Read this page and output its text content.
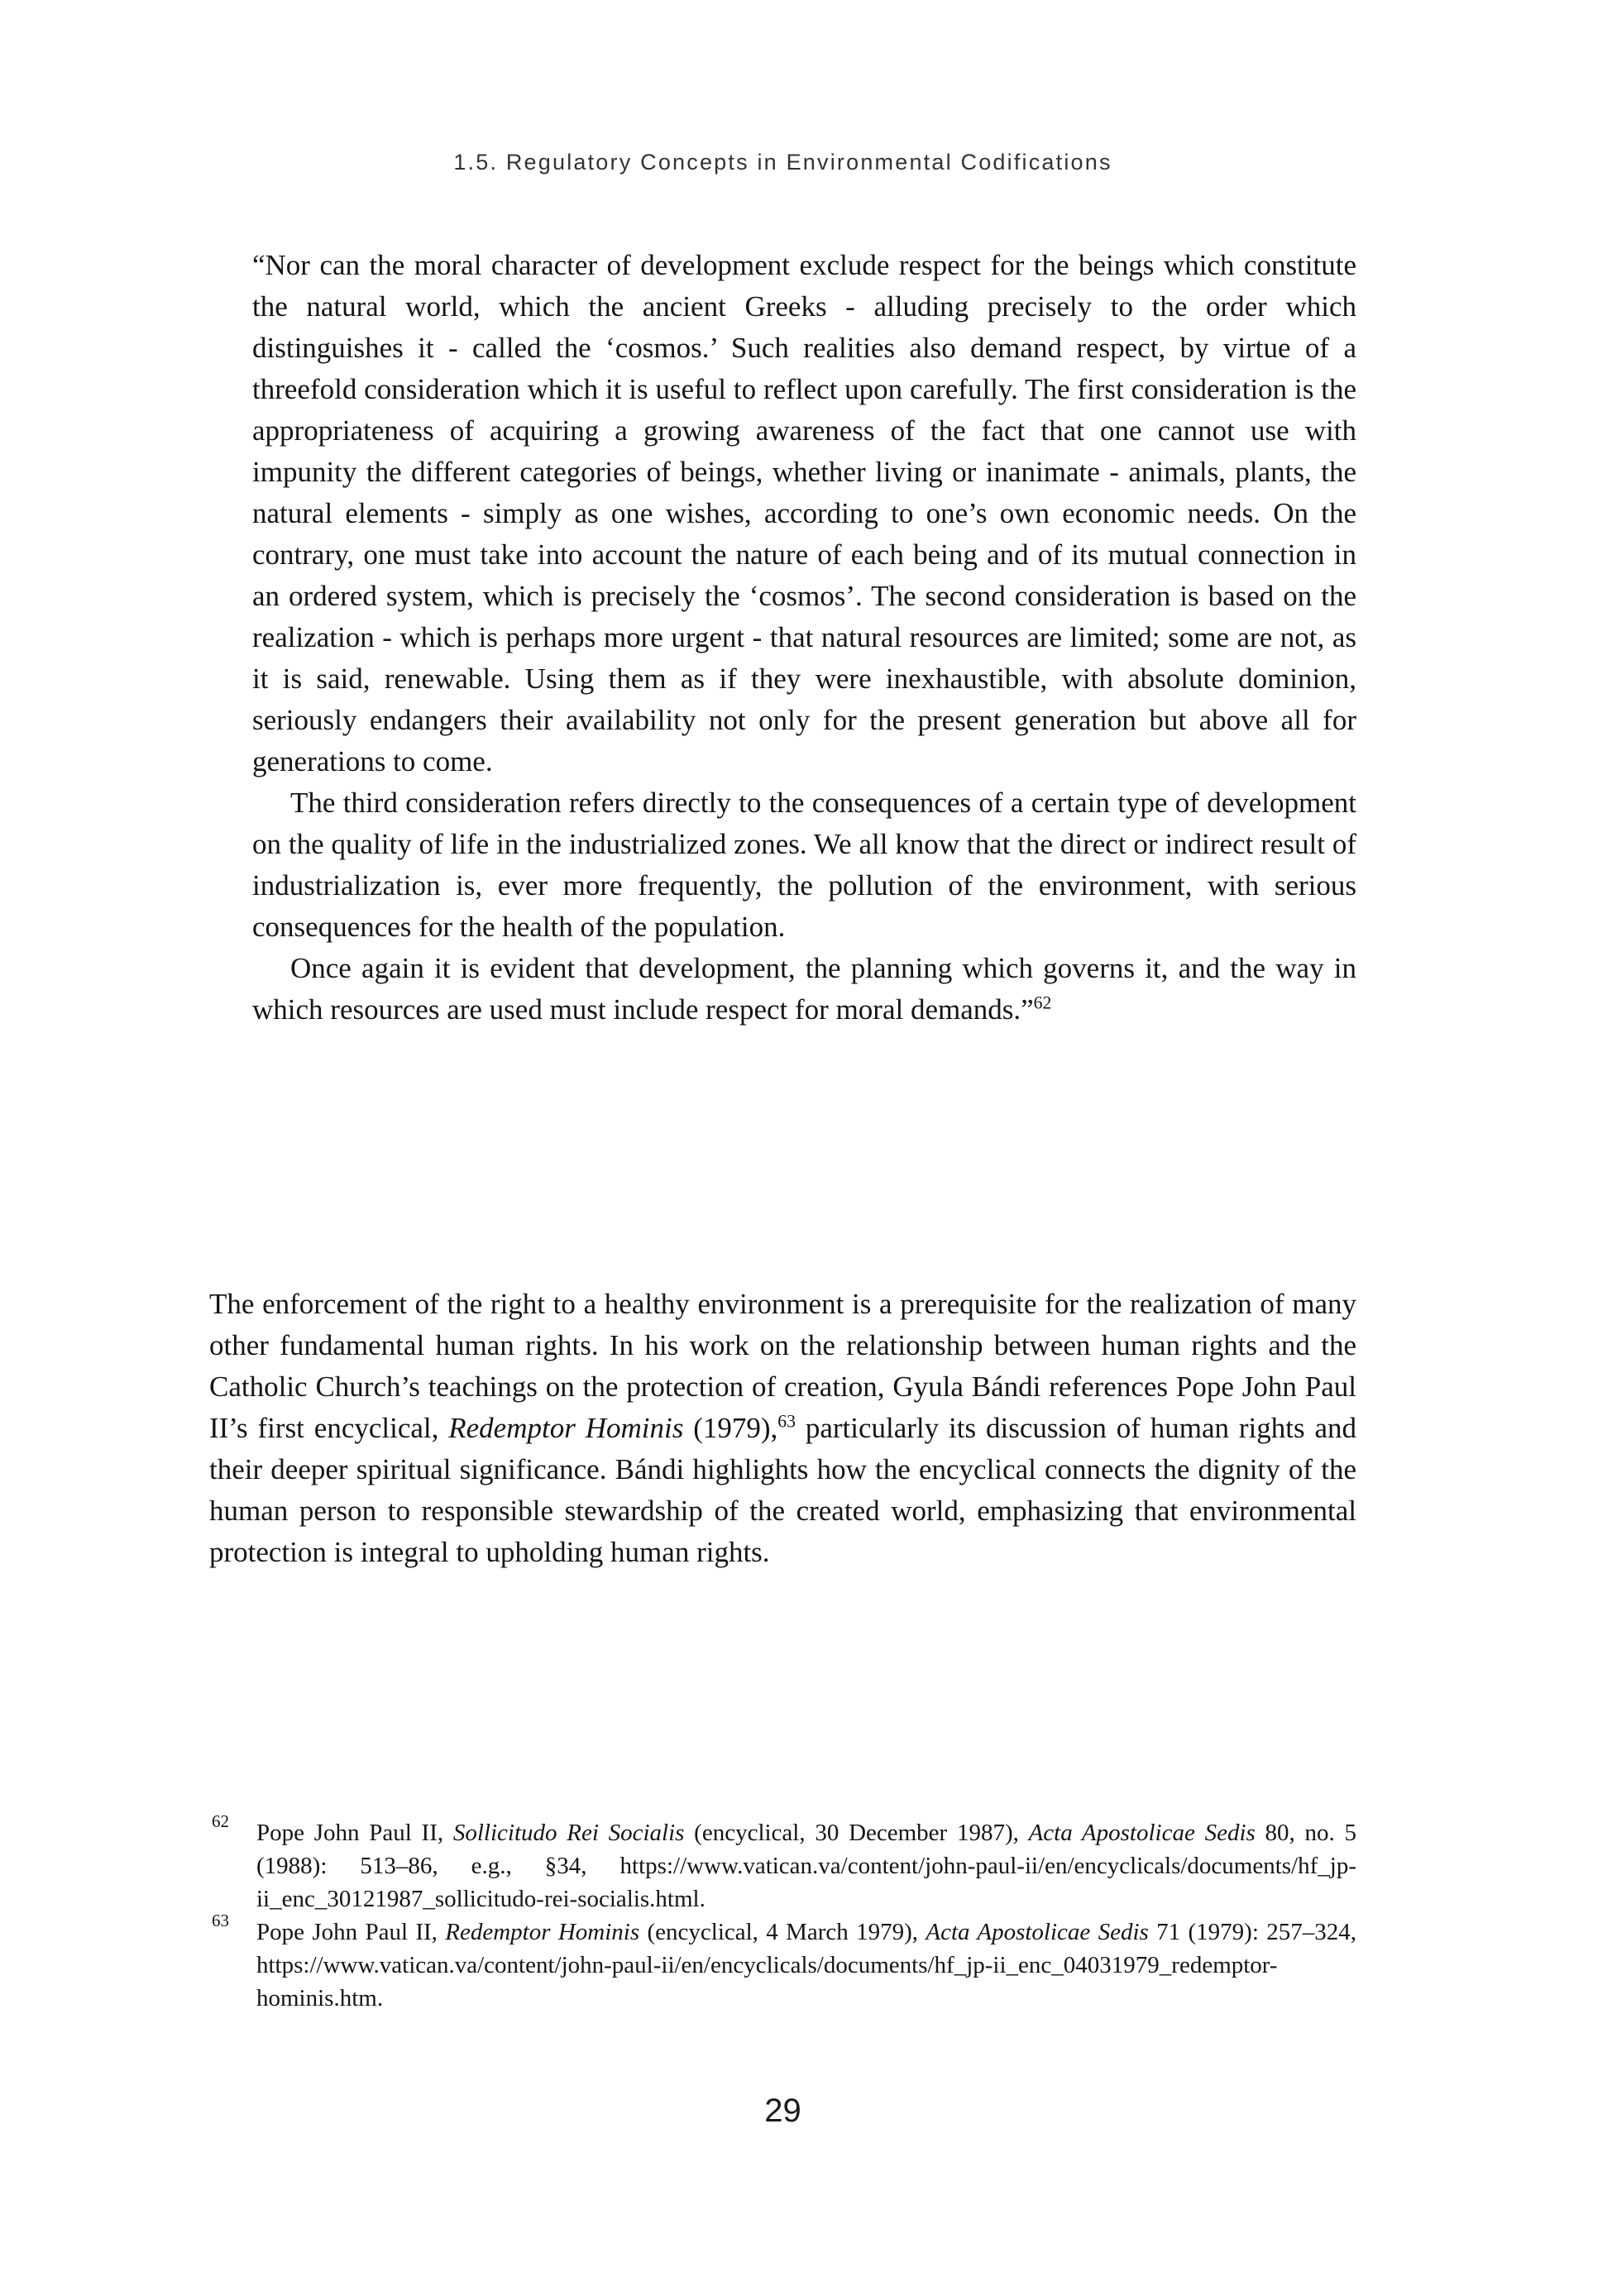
1.5. Regulatory Concepts in Environmental Codifications

“Nor can the moral character of development exclude respect for the beings which constitute the natural world, which the ancient Greeks - alluding precisely to the order which distinguishes it - called the ‘cosmos.’ Such realities also demand respect, by virtue of a threefold consideration which it is useful to reflect upon carefully. The first consideration is the appropriateness of acquiring a growing awareness of the fact that one cannot use with impunity the different categories of beings, whether living or inanimate - animals, plants, the natural elements - simply as one wishes, according to one’s own economic needs. On the contrary, one must take into account the nature of each being and of its mutual connection in an ordered system, which is precisely the ‘cosmos’. The second consideration is based on the realization - which is perhaps more urgent - that natural resources are limited; some are not, as it is said, renewable. Using them as if they were inexhaustible, with absolute dominion, seriously endangers their availability not only for the present generation but above all for generations to come.

The third consideration refers directly to the consequences of a certain type of development on the quality of life in the industrialized zones. We all know that the direct or indirect result of industrialization is, ever more frequently, the pollution of the environment, with serious consequences for the health of the population.

Once again it is evident that development, the planning which governs it, and the way in which resources are used must include respect for moral demands.”$^{62}$

The enforcement of the right to a healthy environment is a prerequisite for the realization of many other fundamental human rights. In his work on the relationship between human rights and the Catholic Church’s teachings on the protection of creation, Gyula Bándi references Pope John Paul II’s first encyclical, Redemptor Hominis (1979),$^{63}$ particularly its discussion of human rights and their deeper spiritual significance. Bándi highlights how the encyclical connects the dignity of the human person to responsible stewardship of the created world, emphasizing that environmental protection is integral to upholding human rights.

62 Pope John Paul II, Sollicitudo Rei Socialis (encyclical, 30 December 1987), Acta Apostolicae Sedis 80, no. 5 (1988): 513–86, e.g., §34, https://www.vatican.va/content/john-paul-ii/en/encyclicals/documents/hf_jp-ii_enc_30121987_sollicitudo-rei-socialis.html.

63 Pope John Paul II, Redemptor Hominis (encyclical, 4 March 1979), Acta Apostolicae Sedis 71 (1979): 257–324, https://www.vatican.va/content/john-paul-ii/en/encyclicals/documents/hf_jp-ii_enc_04031979_redemptor-hominis.htm.

29
